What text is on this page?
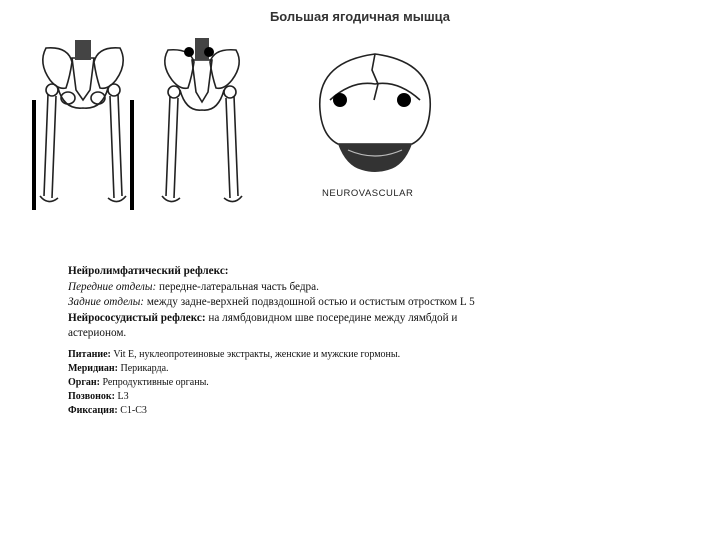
Большая ягодичная мышца
NEUROVASCULAR

Нейролимфатический рефлекс:

Передние отделы: передне-латеральная часть бедра.

Задние отделы: между задне-верхней подвздошной остью и остистым отростком L 5

Нейрососудистый рефлекс: на лямбдовидном шве посередине между лямбдой и

астерионом.

Питание: Vit E, нуклеопротеиновые экстракты, женские и мужские гормоны.

Меридиан: Перикарда.

Орган: Репродуктивные органы.

Позвонок: L3

Фиксация: C1-C3
